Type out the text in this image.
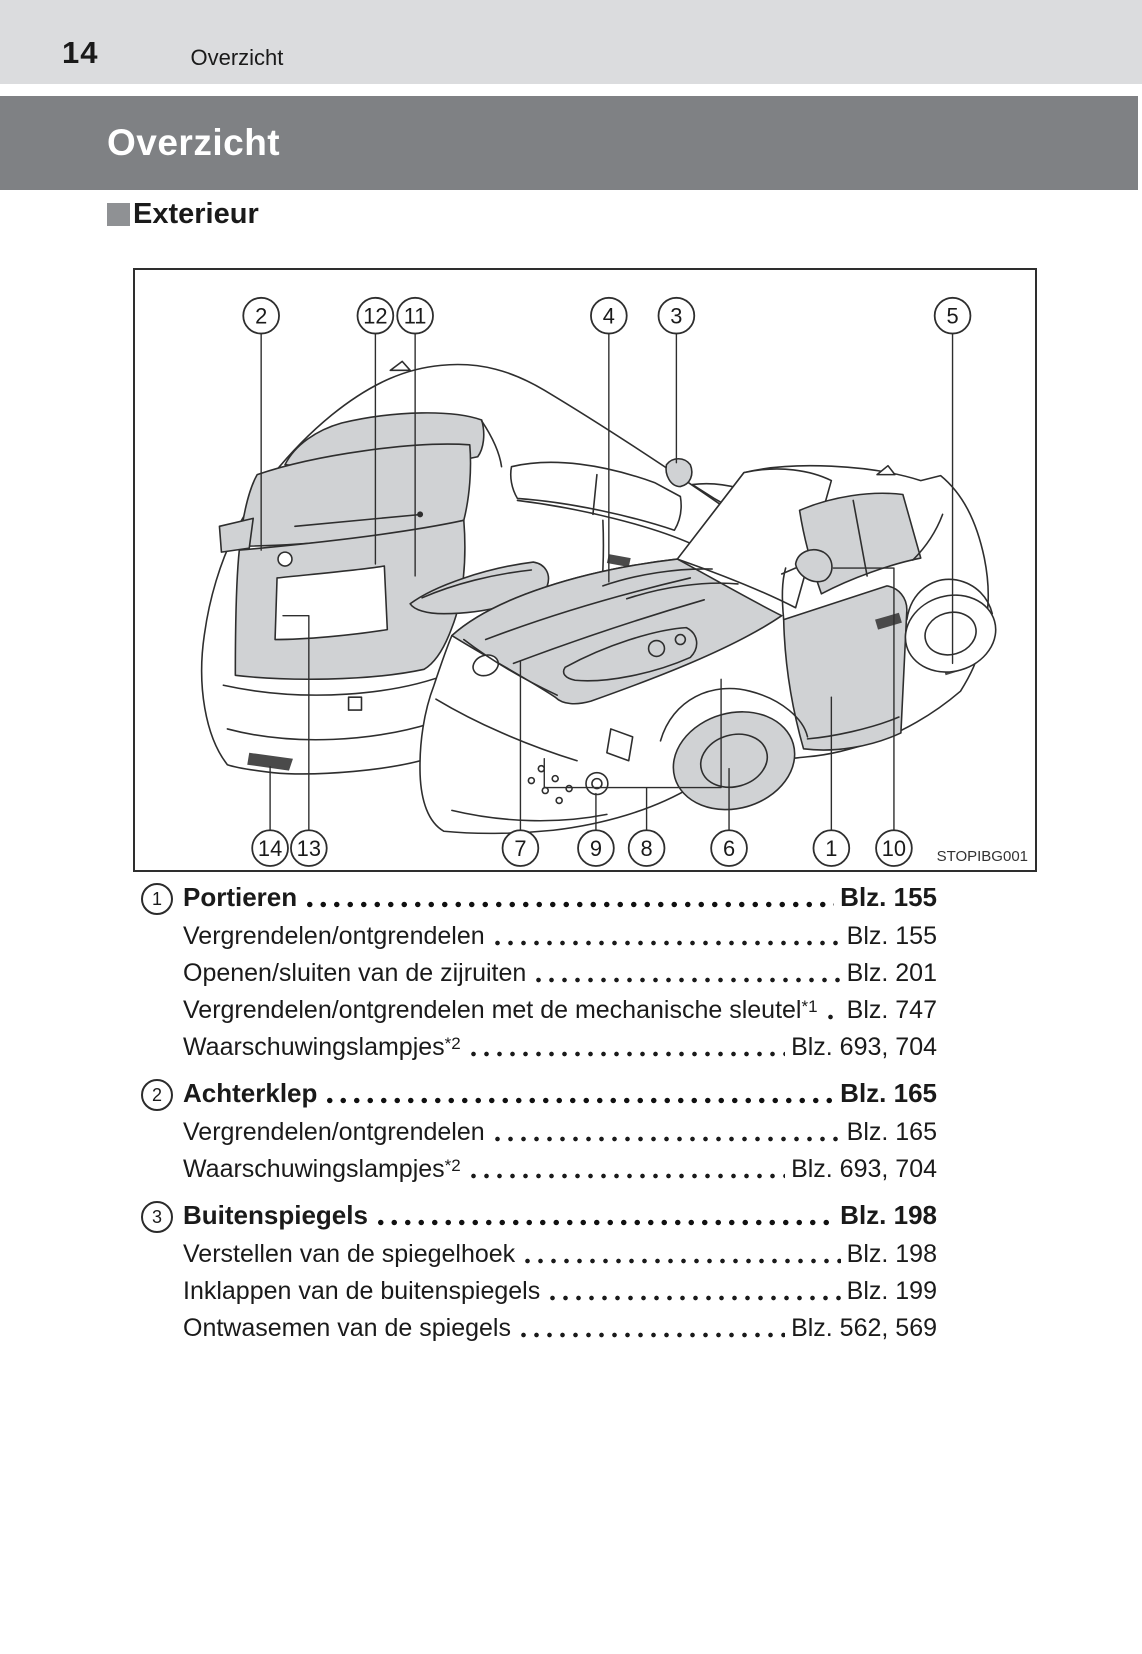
14	Overzicht
Overzicht
Exterieur
2	12 11	4	3	5
14 13	7	9 8	6	1 10 STOPIBG001
1 Portieren	Blz. 155
Vergrendelen/ontgrendelen	Blz. 155
Openen/sluiten van de zijruiten	Blz. 201
Vergrendelen/ontgrendelen met de mechanische sleutel$^{*1}$ Blz. 747
Waarschuwingslampjes$^{*2}$	Blz. 693, 704
2 Achterklep	Blz. 165
Vergrendelen/ontgrendelen	Blz. 165
Waarschuwingslampjes$^{*2}$	Blz. 693, 704
3 Buitenspiegels	Blz. 198
Verstellen van de spiegelhoek	Blz. 198
Inklappen van de buitenspiegels	Blz. 199
Ontwasemen van de spiegels	Blz. 562, 569
